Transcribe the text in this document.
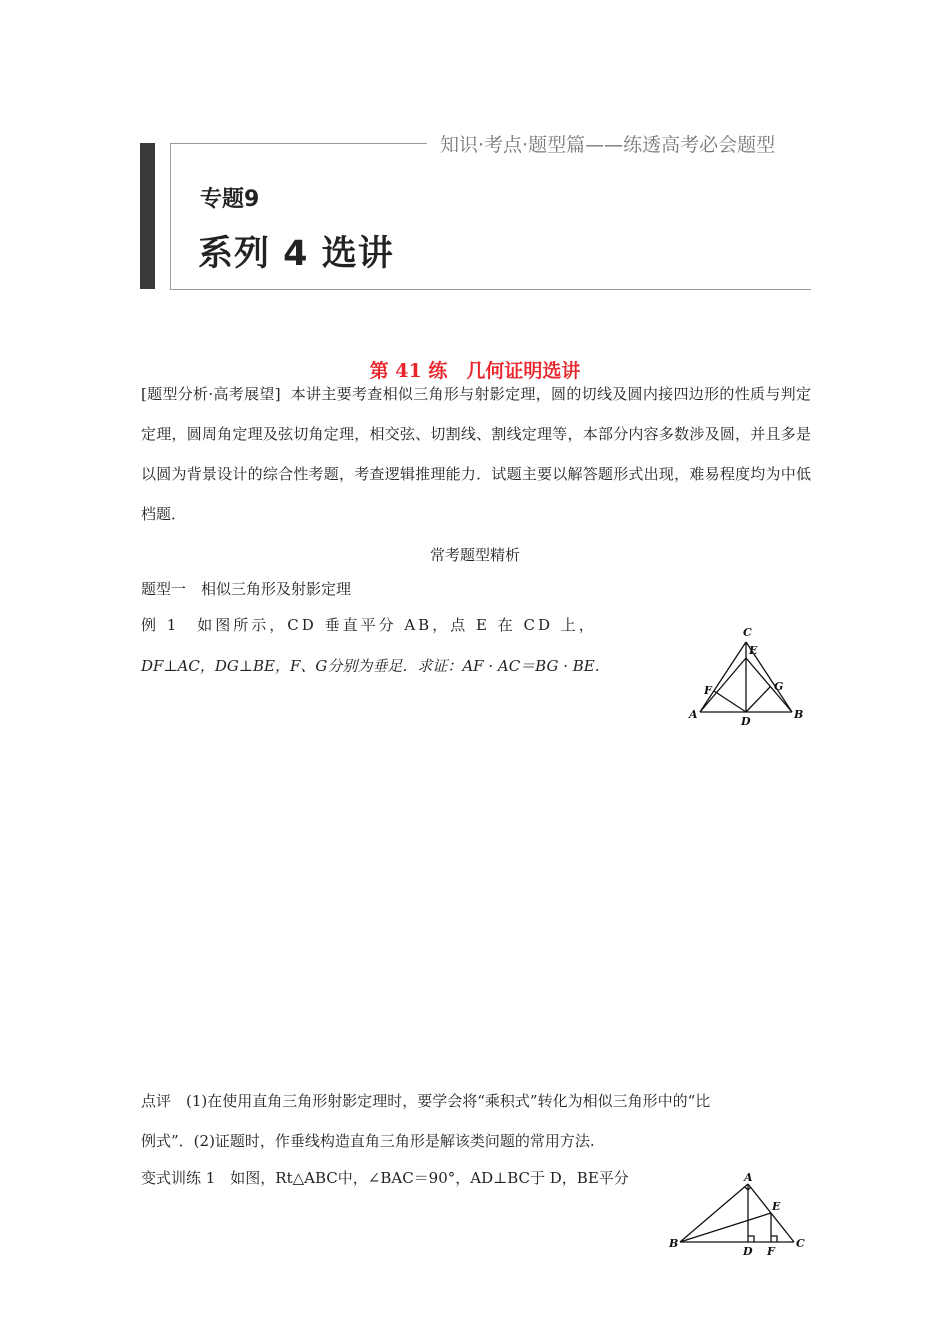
知识·考点·题型篇——练透高考必会题型
专题9
系列 4 选讲
第 41 练　几何证明选讲
[题型分析·高考展望] 本讲主要考查相似三角形与射影定理，圆的切线及圆内接四边形的性质与判定定理，圆周角定理及弦切角定理，相交弦、切割线、割线定理等，本部分内容多数涉及圆，并且多是以圆为背景设计的综合性考题，考查逻辑推理能力．试题主要以解答题形式出现，难易程度均为中低档题．
常考题型精析
题型一　相似三角形及射影定理
例 1　如图所示，CD 垂直平分 AB，点 E 在 CD 上，
DF⊥AC，DG⊥BE，F、G分别为垂足．求证：AF · AC＝BG · BE.
C
E
F	G
A
D
B
点评　(1)在使用直角三角形射影定理时，要学会将“乘积式”转化为相似三角形中的“比
例式”．(2)证题时，作垂线构造直角三角形是解该类问题的常用方法.
变式训练 1　如图，Rt△ABC中，∠BAC＝90°，AD⊥BC于 D，BE平分	A
E
B
D F
C
